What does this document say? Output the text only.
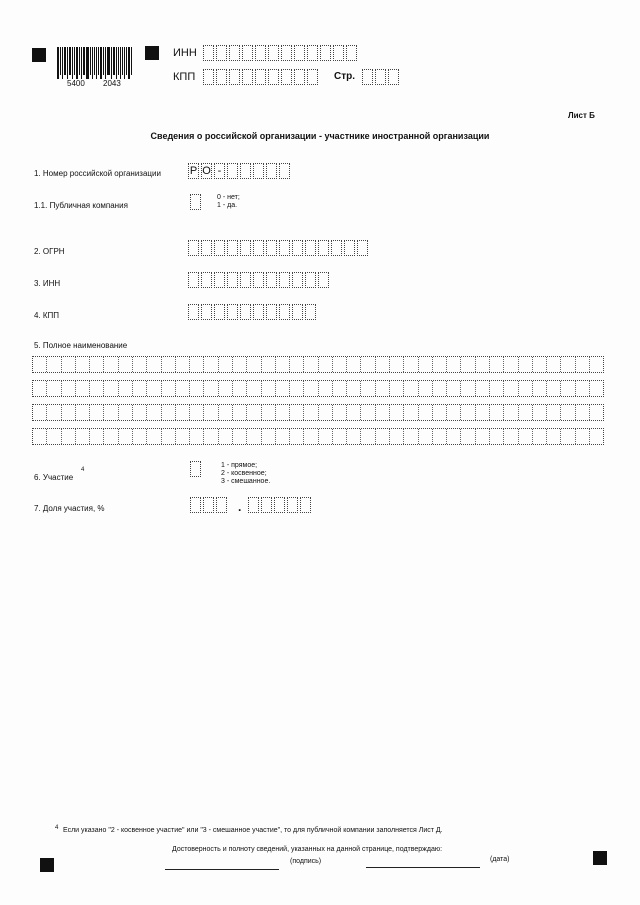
5400 2043
ИНН
КПП	Стр.
Лист Б
Сведения о российской организации - участнике иностранной организации
1. Номер российской организации	Р О -
1.1. Публичная компания
0 - нет;
1 - да.
2. ОГРН
3. ИНН
4. КПП
5. Полное наименование
6. Участие
4
1 - прямое;
2 - косвенное;
3 - смешанное.
7. Доля участия, %	.
4 Если указано "2 - косвенное участие" или "3 - смешанное участие", то для публичной компании заполняется Лист Д.
Достоверность и полноту сведений, указанных на данной странице, подтверждаю:
(подпись)	(дата)
